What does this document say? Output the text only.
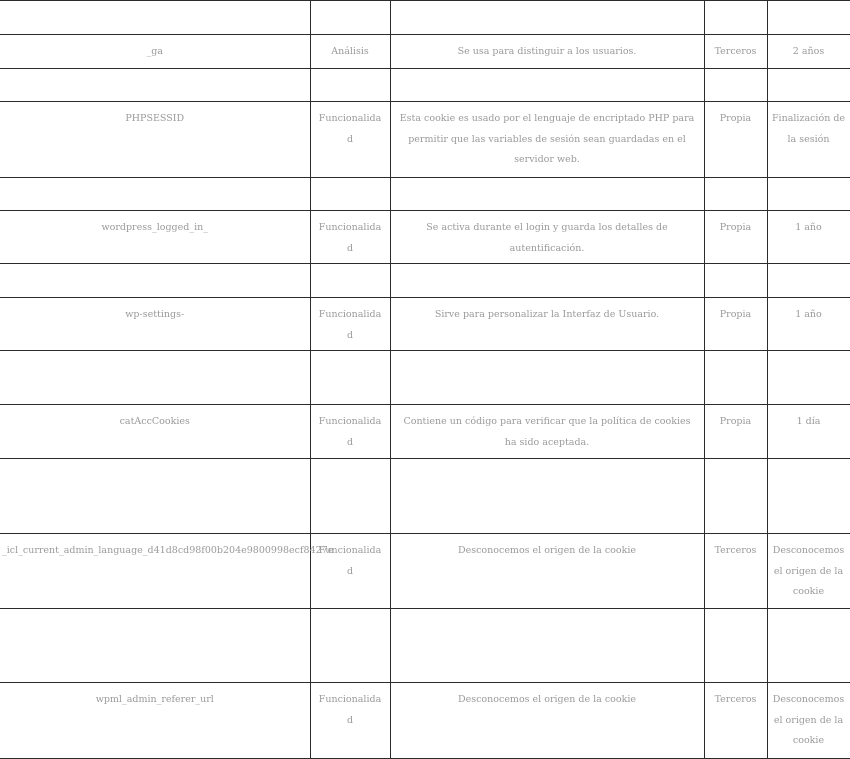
_ga	Análisis	Se usa para distinguir a los usuarios.	Terceros	2 años

PHPSESSID	Funcionalidad	Esta cookie es usado por el lenguaje de encriptado PHP para permitir que las variables de sesión sean guardadas en el servidor web.	Propia	Finalización de la sesión

wordpress_logged_in_	Funcionalidad	Se activa durante el login y guarda los detalles de autentificación.	Propia	1 año

wp-settings-	Funcionalidad	Sirve para personalizar la Interfaz de Usuario.	Propia	1 año

catAccCookies	Funcionalidad	Contiene un código para verificar que la política de cookies ha sido aceptada.	Propia	1 día

_icl_current_admin_language_d41d8cd98f00b204e9800998ecf8427e	Funcionalidad	Desconocemos el origen de la cookie	Terceros	Desconocemos el origen de la cookie

wpml_admin_referer_url	Funcionalidad	Desconocemos el origen de la cookie	Terceros	Desconocemos el origen de la cookie
